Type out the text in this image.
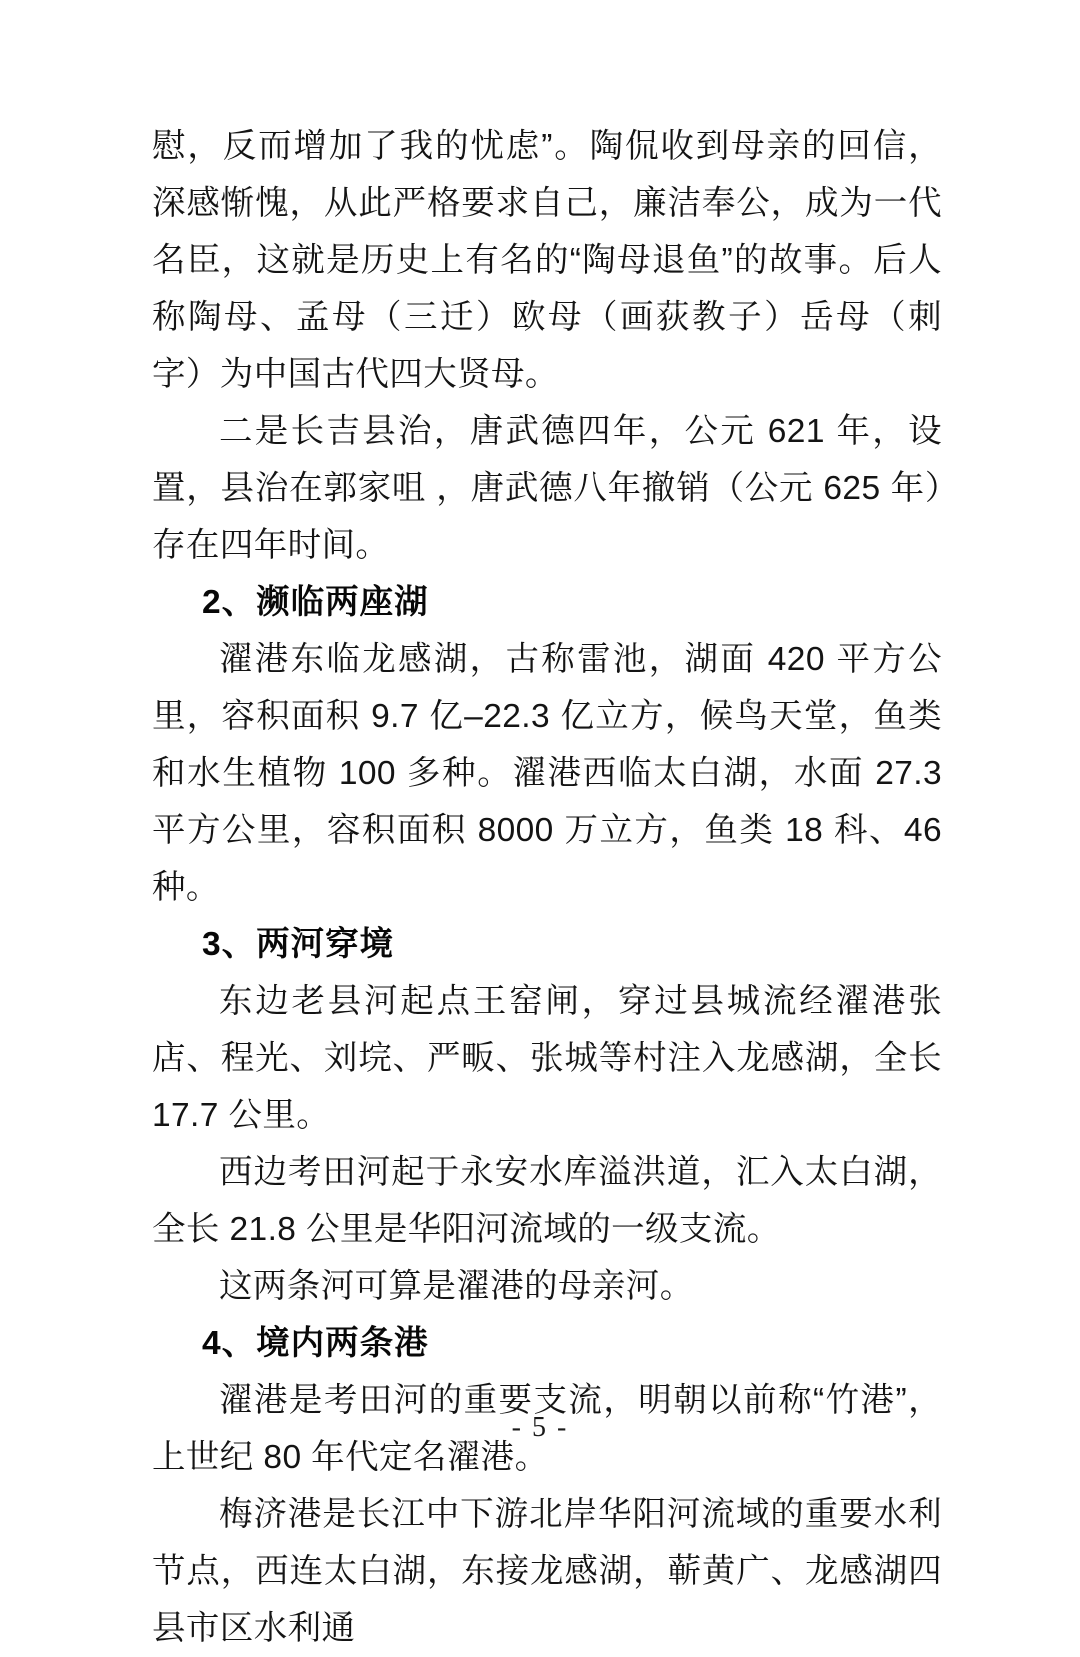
慰，反而增加了我的忧虑”。陶侃收到母亲的回信，深感惭愧，从此严格要求自己，廉洁奉公，成为一代名臣，这就是历史上有名的“陶母退鱼”的故事。后人称陶母、孟母（三迁）欧母（画荻教子）岳母（刺字）为中国古代四大贤母。

二是长吉县治，唐武德四年，公元 621 年，设置，县治在郭家咀 ，唐武德八年撤销（公元 625 年）存在四年时间。

2、濒临两座湖

濯港东临龙感湖，古称雷池，湖面 420 平方公里，容积面积 9.7 亿–22.3 亿立方，候鸟天堂，鱼类和水生植物 100 多种。濯港西临太白湖，水面 27.3 平方公里，容积面积 8000 万立方，鱼类 18 科、46 种。

3、两河穿境

东边老县河起点王窑闸，穿过县城流经濯港张店、程光、刘垸、严畈、张城等村注入龙感湖，全长 17.7 公里。

西边考田河起于永安水库溢洪道，汇入太白湖，全长 21.8 公里是华阳河流域的一级支流。

这两条河可算是濯港的母亲河。

4、境内两条港

濯港是考田河的重要支流，明朝以前称“竹港”，上世纪 80 年代定名濯港。

梅济港是长江中下游北岸华阳河流域的重要水利节点，西连太白湖，东接龙感湖，蕲黄广、龙感湖四县市区水利通

- 5 -
